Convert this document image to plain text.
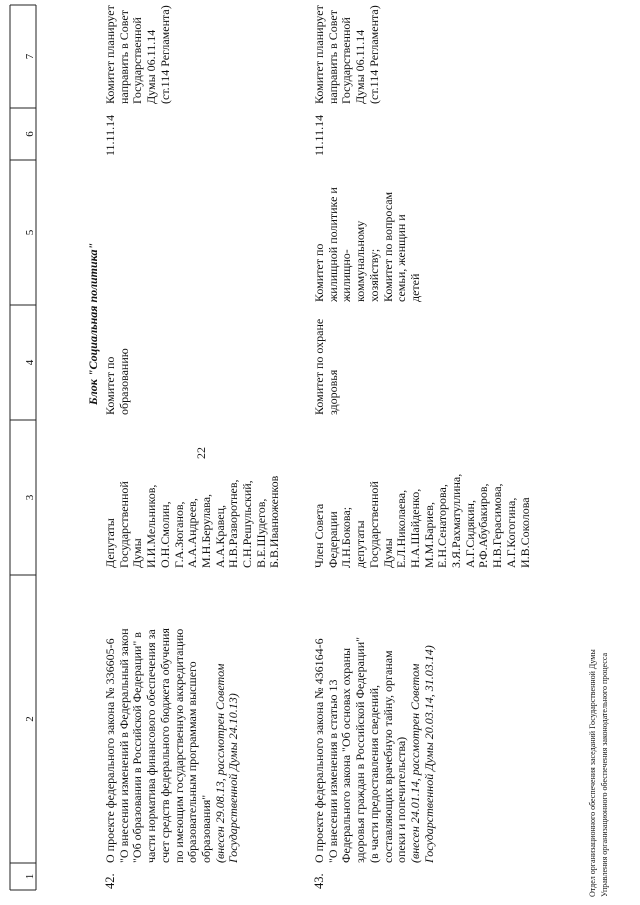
22
1
2
3
4
5
6
7
Блок "Социальная политика"
42.
О проекте федерального закона № 336605-6 "О внесении изменений в Федеральный закон "Об образовании в Российской Федерации" в части норматива финансового обеспечения за счет средств федерального бюджета обучения по имеющим государственную аккредитацию образовательным программам высшего образования" (внесен 29.08.13, рассмотрен Советом Государственной Думы 24.10.13)
Депутаты Государственной Думы И.И.Мельников, О.Н.Смолин, Г.А.Зюганов, А.А.Андреев, М.Н.Берулава, А.А.Кравец, Н.В.Разворотнев, С.Н.Решульский, В.Е.Шудегов, Б.В.Иванюженков
Комитет по образованию
11.11.14
Комитет планирует направить в Совет Государственной Думы 06.11.14 (ст.114 Регламента)
43.
О проекте федерального закона № 436164-6 "О внесении изменения в статью 13 Федерального закона "Об основах охраны здоровья граждан в Российской Федерации" (в части предоставления сведений, составляющих врачебную тайну, органам опеки и попечительства) (внесен 24.01.14, рассмотрен Советом Государственной Думы 20.03.14, 31.03.14)
Член Совета Федерации Л.Н.Бокова; депутаты Государственной Думы Е.Л.Николаева, Н.А.Шайденко, М.М.Бариев, Е.Н.Сенаторова, З.Я.Рахматуллина, А.Г.Сидякин, Р.Ф.Абубакиров, Н.В.Герасимова, А.Г.Когогина, И.В.Соколова
Комитет по охране здоровья
Комитет по жилищной политике и жилищно- коммунальному хозяйству; Комитет по вопросам семьи, женщин и детей
11.11.14
Комитет планирует направить в Совет Государственной Думы 06.11.14 (ст.114 Регламента)
Отдел организационного обеспечения заседаний Государственной Думы Управления организационного обеспечения законодательного процесса
